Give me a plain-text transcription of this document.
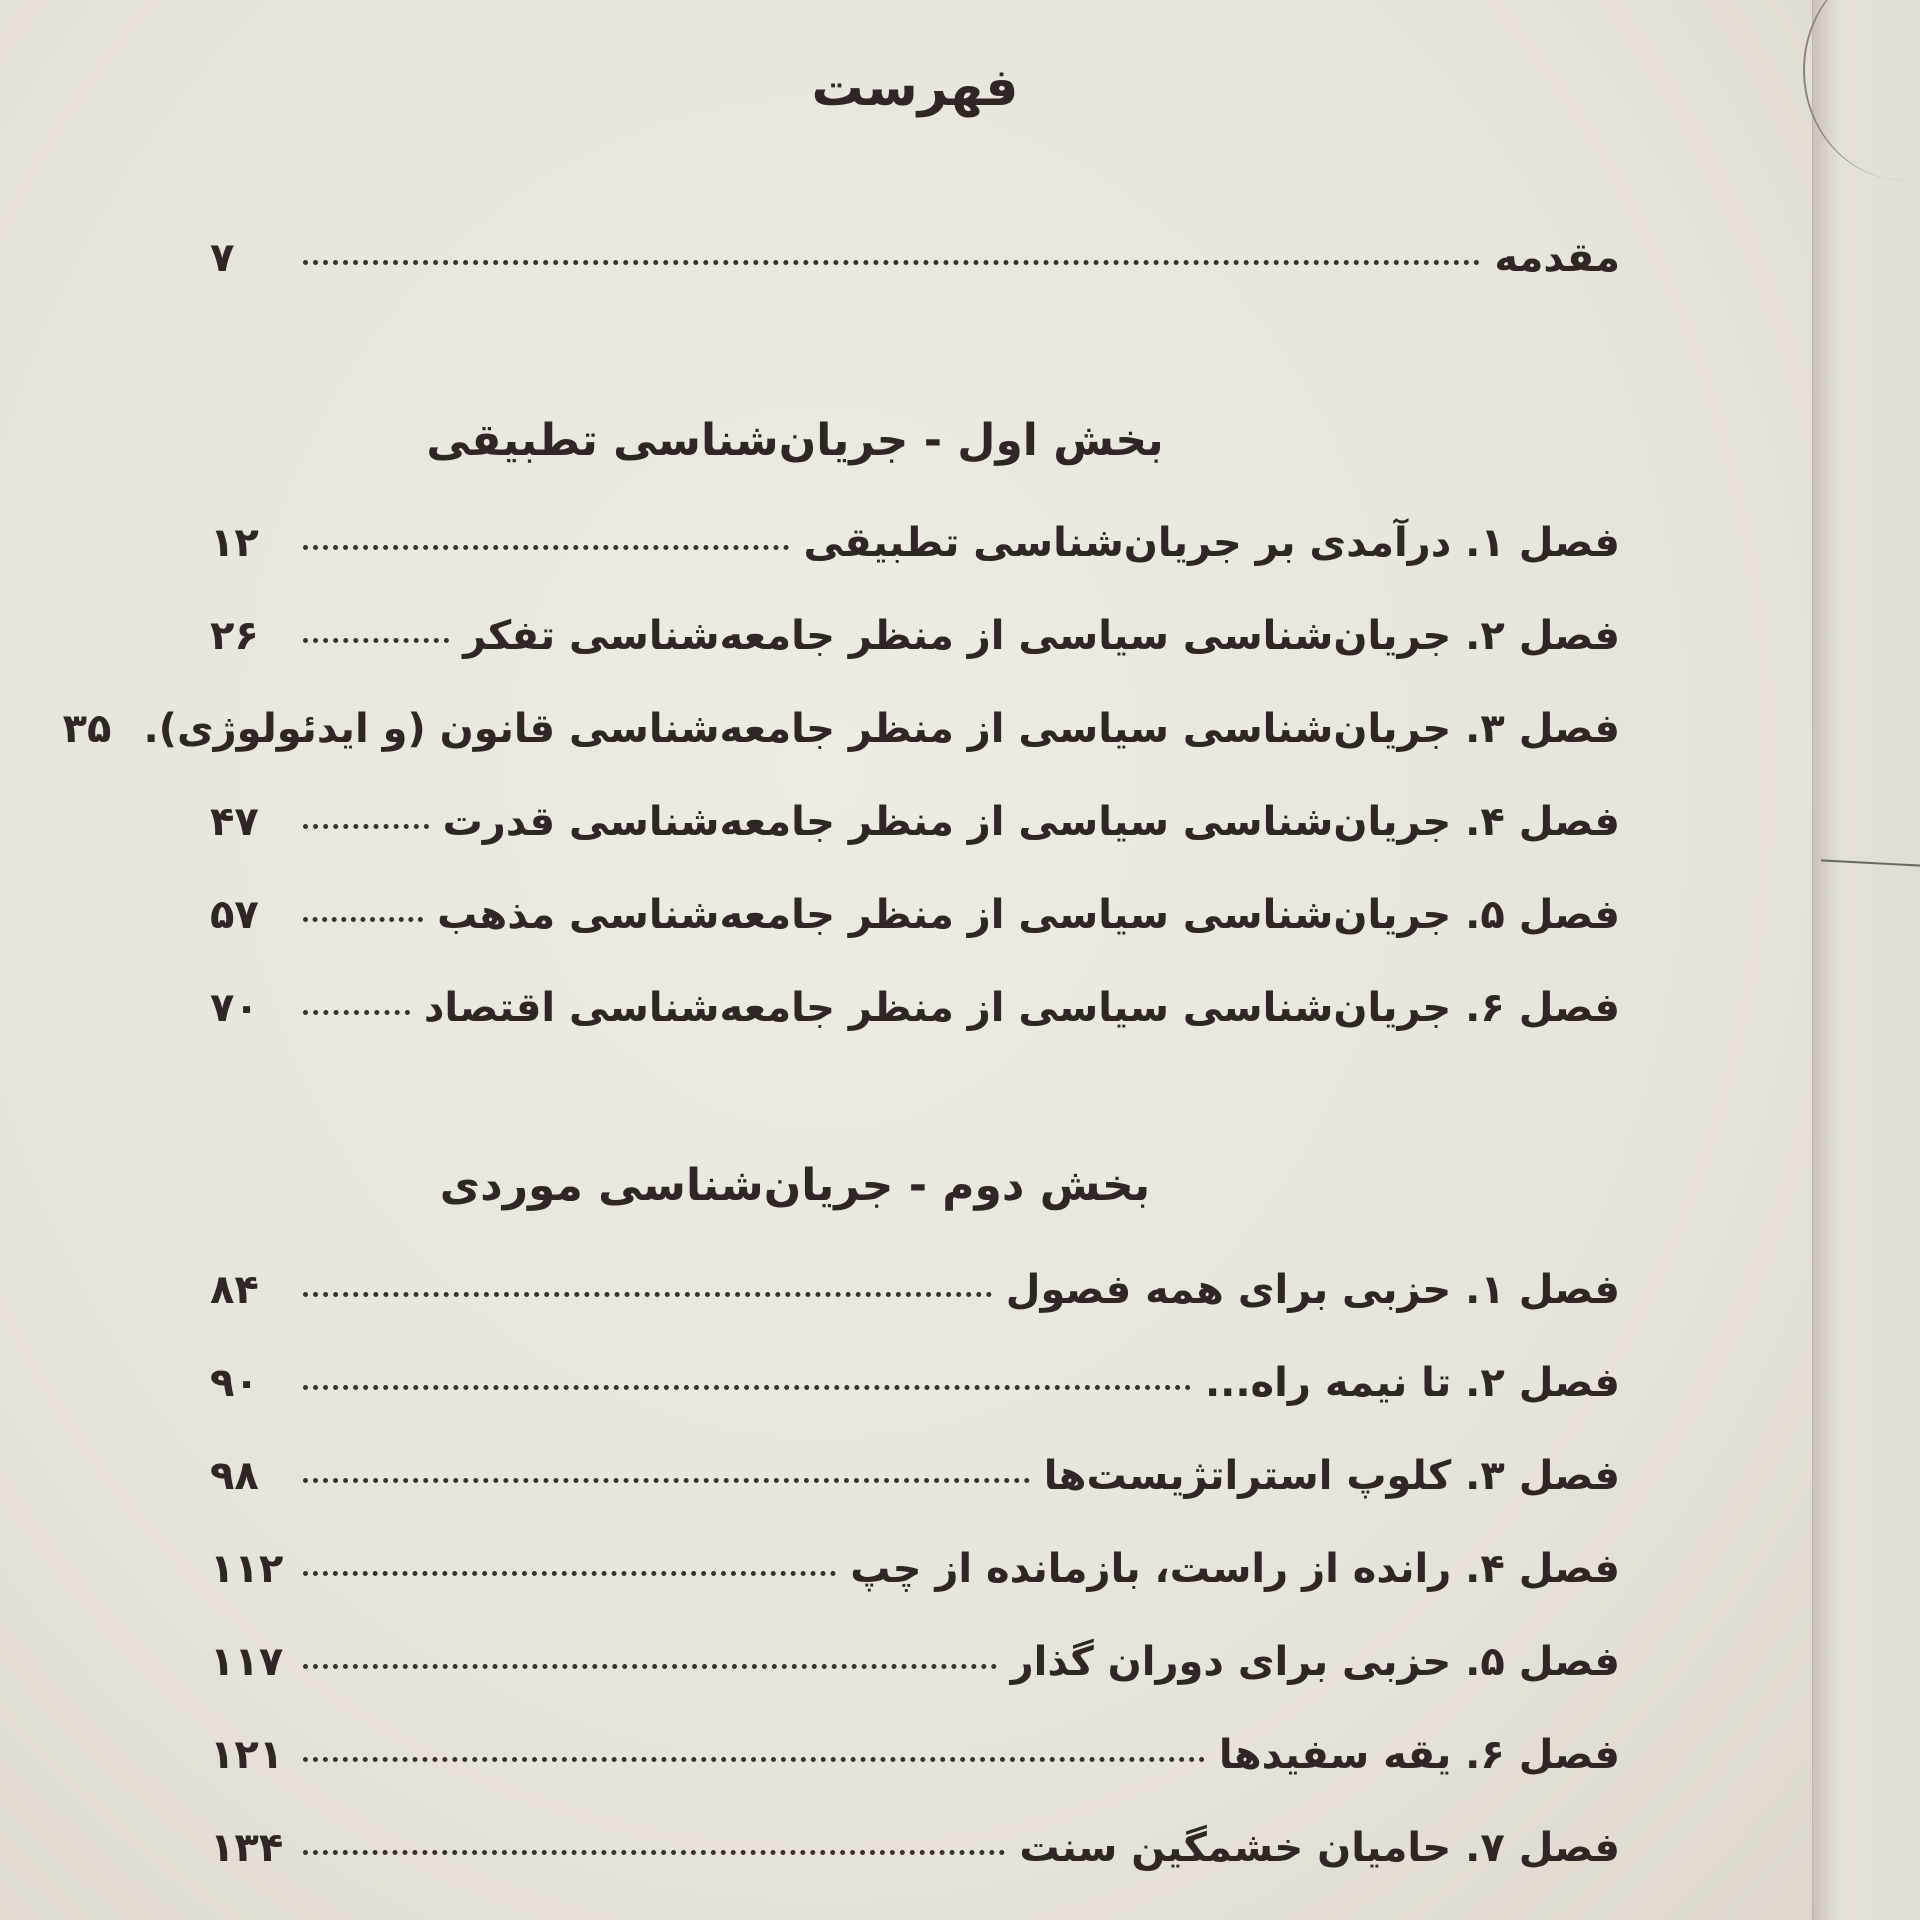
فهرست
مقدمه
۷
بخش اول - جریان‌شناسی تطبیقی
فصل ۱. درآمدی بر جریان‌شناسی تطبیقی
۱۲
فصل ۲. جریان‌شناسی سیاسی از منظر جامعه‌شناسی تفکر
۲۶
فصل ۳. جریان‌شناسی سیاسی از منظر جامعه‌شناسی قانون (و ایدئولوژی).
۳۵
فصل ۴. جریان‌شناسی سیاسی از منظر جامعه‌شناسی قدرت
۴۷
فصل ۵. جریان‌شناسی سیاسی از منظر جامعه‌شناسی مذهب
۵۷
فصل ۶. جریان‌شناسی سیاسی از منظر جامعه‌شناسی اقتصاد
۷۰
بخش دوم - جریان‌شناسی موردی
فصل ۱. حزبی برای همه فصول
۸۴
فصل ۲. تا نیمه راه...
۹۰
فصل ۳. کلوپ استراتژیست‌ها
۹۸
فصل ۴. رانده از راست، بازمانده از چپ
۱۱۲
فصل ۵. حزبی برای دوران گذار
۱۱۷
فصل ۶. یقه سفیدها
۱۲۱
فصل ۷. حامیان خشمگین سنت
۱۳۴
